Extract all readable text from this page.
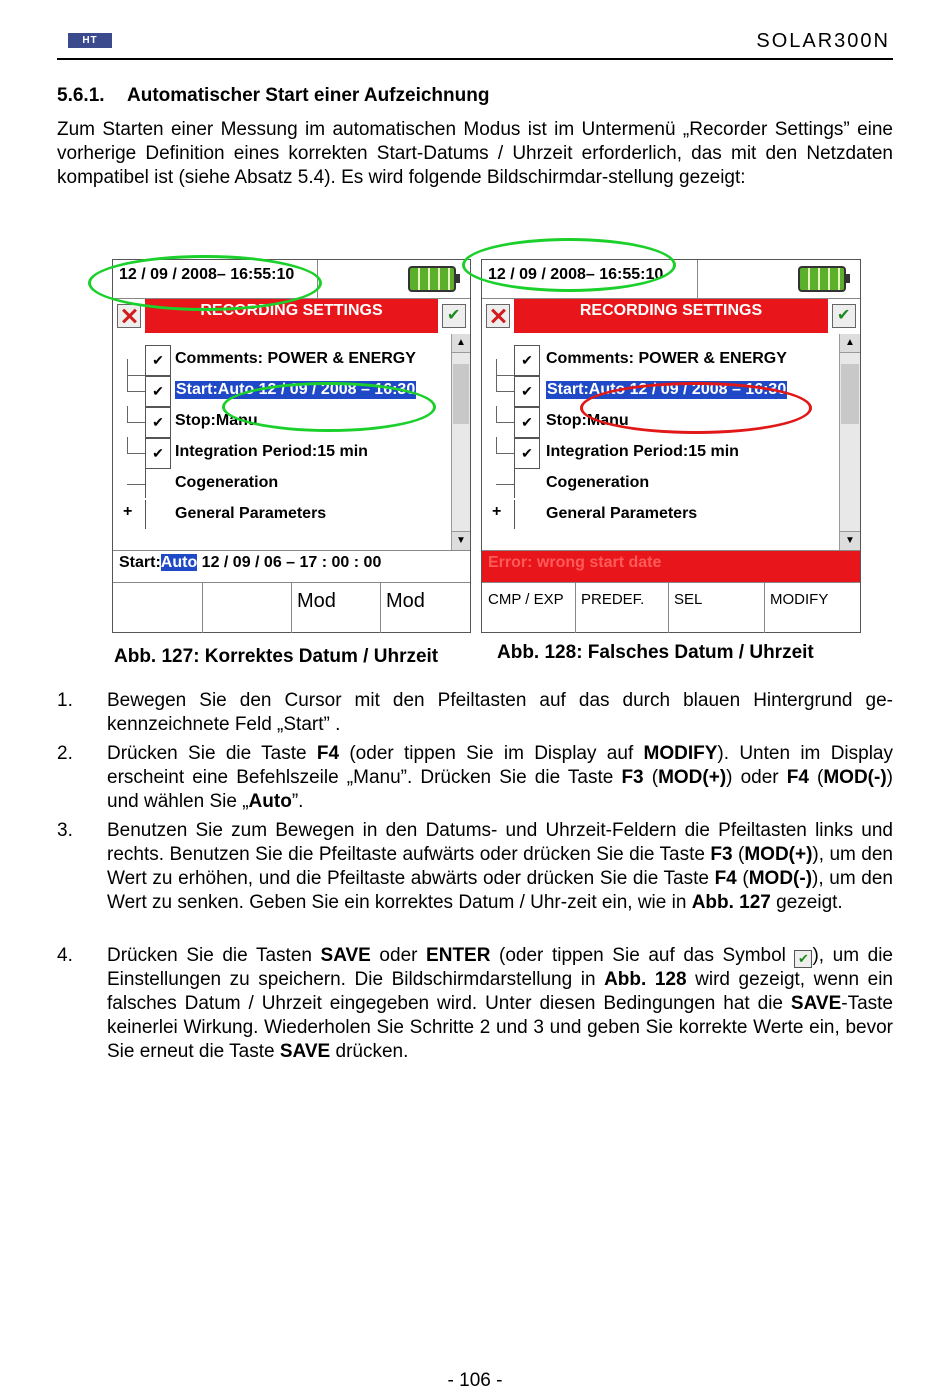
HT	SOLAR300N
5.6.1. Automatischer Start einer Aufzeichnung
Zum Starten einer Messung im automatischen Modus ist im Untermenü „Recorder Settings” eine vorherige Definition eines korrekten Start-Datums / Uhrzeit erforderlich, das mit den Netzdaten kompatibel ist (siehe Absatz 5.4). Es wird folgende Bildschirmdar-stellung gezeigt:
12 / 09 / 2008– 16:55:10
RECORDING SETTINGS
✔
✔ Comments: POWER & ENERGY
✔ Start:Auto 12 / 09 / 2008 – 16:30
✔ Stop:Manu
✔ Integration Period:15 min
Cogeneration
+	General Parameters
▲
▼
Start:Auto 12 / 09 / 06 – 17 : 00 : 00
Mod	Mod
12 / 09 / 2008– 16:55:10
RECORDING SETTINGS
✔
✔ Comments: POWER & ENERGY
✔ Start:Auto 12 / 09 / 2008 – 16:30
✔ Stop:Manu
✔ Integration Period:15 min
Cogeneration
+	General Parameters
▲
▼
Error: wrong start date
CMP / EXP	PREDEF.	SEL	MODIFY
Abb. 127: Korrektes Datum / Uhrzeit	Abb. 128: Falsches Datum / Uhrzeit
1. Bewegen Sie den Cursor mit den Pfeiltasten auf das durch blauen Hintergrund ge-kennzeichnete Feld „Start” .
2. Drücken Sie die Taste F4 (oder tippen Sie im Display auf MODIFY). Unten im Display erscheint eine Befehlszeile „Manu”. Drücken Sie die Taste F3 (MOD(+)) oder F4 (MOD(-)) und wählen Sie „Auto”.
3. Benutzen Sie zum Bewegen in den Datums- und Uhrzeit-Feldern die Pfeiltasten links und rechts. Benutzen Sie die Pfeiltaste aufwärts oder drücken Sie die Taste F3 (MOD(+)), um den Wert zu erhöhen, und die Pfeiltaste abwärts oder drücken Sie die Taste F4 (MOD(-)), um den Wert zu senken. Geben Sie ein korrektes Datum / Uhr-zeit ein, wie in Abb. 127 gezeigt.
4. Drücken Sie die Tasten SAVE oder ENTER (oder tippen Sie auf das Symbol ✔ ), um die Einstellungen zu speichern. Die Bildschirmdarstellung in Abb. 128 wird gezeigt, wenn ein falsches Datum / Uhrzeit eingegeben wird. Unter diesen Bedingungen hat die SAVE-Taste keinerlei Wirkung. Wiederholen Sie Schritte 2 und 3 und geben Sie korrekte Werte ein, bevor Sie erneut die Taste SAVE drücken.
- 106 -
